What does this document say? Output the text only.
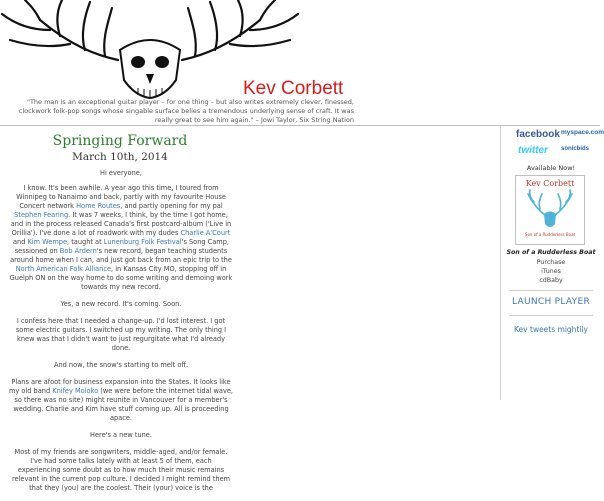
Kev Corbett
"The man is an exceptional guitar player – for one thing – but also writes extremely clever, finessed, clockwork folk-pop songs whose singable surface belies a tremendous underlying sense of craft. It was really great to see him again." – Jowi Taylor, Six String Nation
Springing Forward
March 10th, 2014

Hi everyone,

I know. It's been awhile. A year ago this time, I toured from Winnipeg to Nanaimo and back, partly with my favourite House Concert network Home Routes, and partly opening for my pal Stephen Fearing. It was 7 weeks, I think, by the time I got home, and in the process released Canada's first postcard-album ('Live in Orillia'). I've done a lot of roadwork with my dudes Charlie A'Court and Kim Wempe, taught at Lunenburg Folk Festival's Song Camp, sessioned on Bob Ardern's new record, began teaching students around home when I can, and just got back from an epic trip to the North American Folk Alliance, in Kansas City MO, stopping off in Guelph ON on the way home to do some writing and demoing work towards my new record.

Yes, a new record. It's coming. Soon.

I confess here that I needed a change-up. I'd lost interest. I got some electric guitars. I switched up my writing. The only thing I knew was that I didn't want to just regurgitate what I'd already done.

And now, the snow's starting to melt off.

Plans are afoot for business expansion into the States. It looks like my old band Knifey Moloko (we were before the internet tidal wave, so there was no site) might reunite in Vancouver for a member's wedding. Charlie and Kim have stuff coming up. All is proceeding apace.

Here's a new tune.

Most of my friends are songwriters, middle-aged, and/or female. I've had some talks lately with at least 5 of them, each experiencing some doubt as to how much their music remains relevant in the current pop culture. I decided I might remind them that they (you) are the coolest. Their (your) voice is the

facebook myspace.com
twitter sonicbids
Available Now!
Kev Corbett
Son of a Rudderless Boat
Son of a Rudderless Boat
Purchase
iTunes
cdBaby
LAUNCH PLAYER
Kev tweets mightily
